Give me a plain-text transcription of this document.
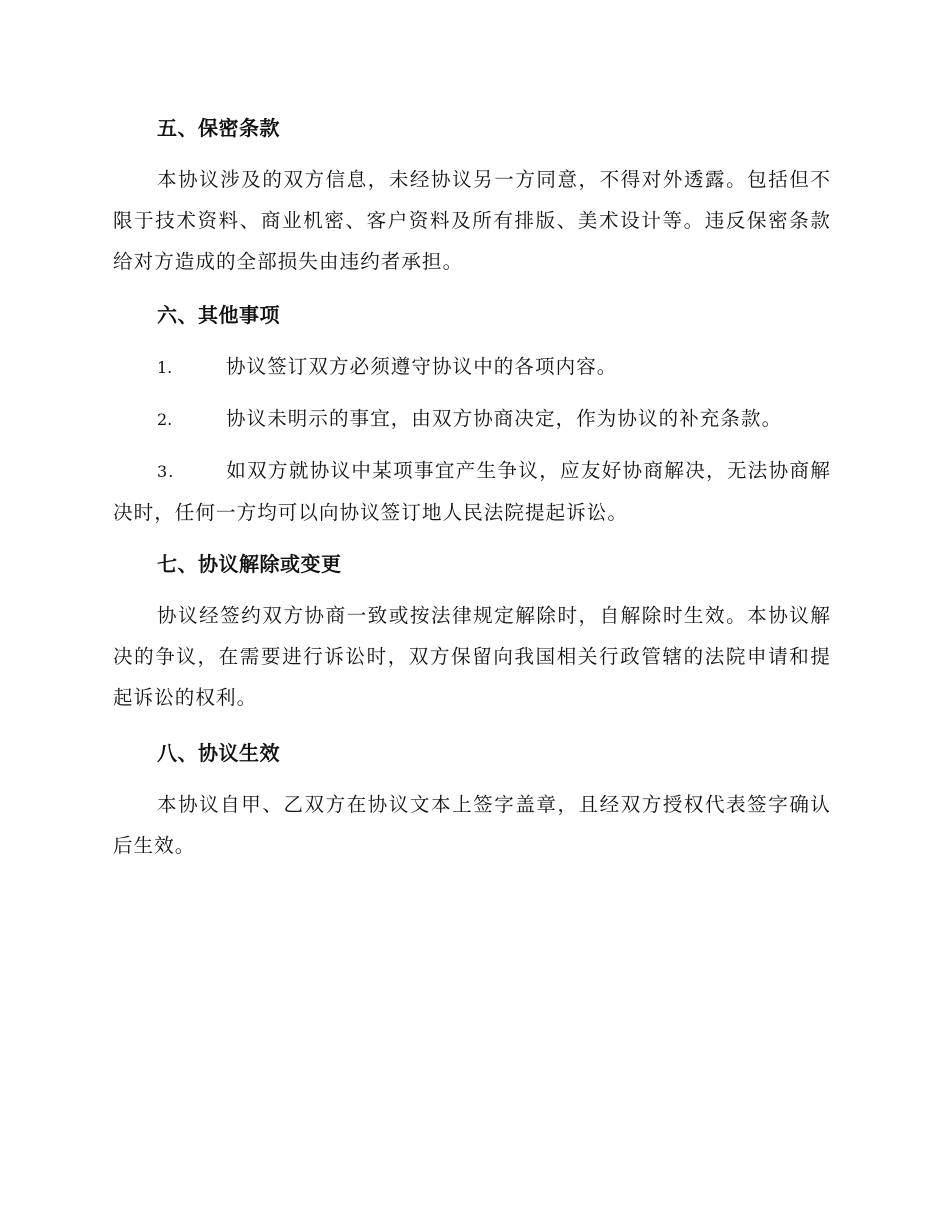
五、保密条款
本协议涉及的双方信息，未经协议另一方同意，不得对外透露。包括但不限于技术资料、商业机密、客户资料及所有排版、美术设计等。违反保密条款给对方造成的全部损失由违约者承担。
六、其他事项
1.	协议签订双方必须遵守协议中的各项内容。
2.	协议未明示的事宜，由双方协商决定，作为协议的补充条款。
3.	如双方就协议中某项事宜产生争议，应友好协商解决，无法协商解决时，任何一方均可以向协议签订地人民法院提起诉讼。
七、协议解除或变更
协议经签约双方协商一致或按法律规定解除时，自解除时生效。本协议解决的争议，在需要进行诉讼时，双方保留向我国相关行政管辖的法院申请和提起诉讼的权利。
八、协议生效
本协议自甲、乙双方在协议文本上签字盖章，且经双方授权代表签字确认后生效。
